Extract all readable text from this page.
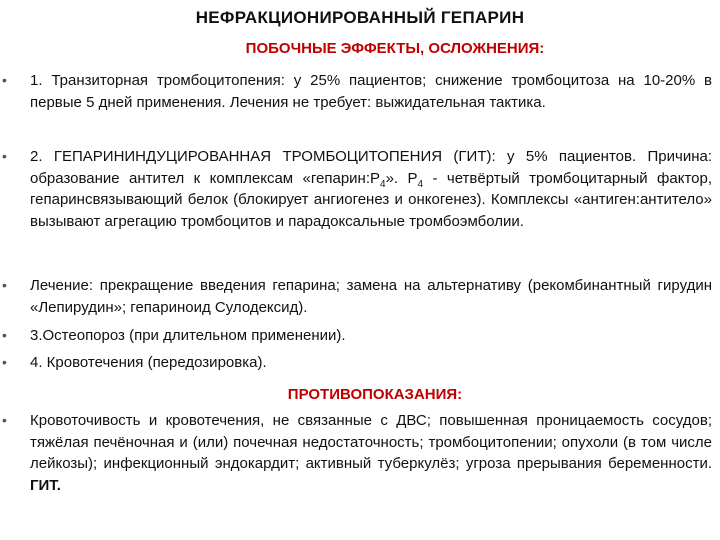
НЕФРАКЦИОНИРОВАННЫЙ ГЕПАРИН
ПОБОЧНЫЕ ЭФФЕКТЫ, ОСЛОЖНЕНИЯ:
• 1. Транзиторная тромбоцитопения: у 25% пациентов; снижение тромбоцитоза на 10-20% в первые 5 дней применения. Лечения не требует: выжидательная тактика.
• 2. ГЕПАРИНИНДУЦИРОВАННАЯ ТРОМБОЦИТОПЕНИЯ (ГИТ): у 5% пациентов. Причина: образование антител к комплексам «$гепарин:Р_4$». $Р_4$ - четвёртый тромбоцитарный фактор, гепаринсвязывающий белок (блокирует ангиогенез и онкогенез). Комплексы «антиген:антитело» вызывают агрегацию тромбоцитов и парадоксальные тромбоэмболии.
• Лечение: прекращение введения гепарина; замена на альтернативу (рекомбинантный гирудин «Лепирудин»; гепариноид Сулодексид).
• 3.Остеопороз (при длительном применении).
• 4. Кровотечения (передозировка).
ПРОТИВОПОКАЗАНИЯ:
• Кровоточивость и кровотечения, не связанные с ДВС; повышенная проницаемость сосудов; тяжёлая печёночная и (или) почечная недостаточность; тромбоцитопении; опухоли (в том числе лейкозы); инфекционный эндокардит; активный туберкулёз; угроза прерывания беременности. ГИТ.
